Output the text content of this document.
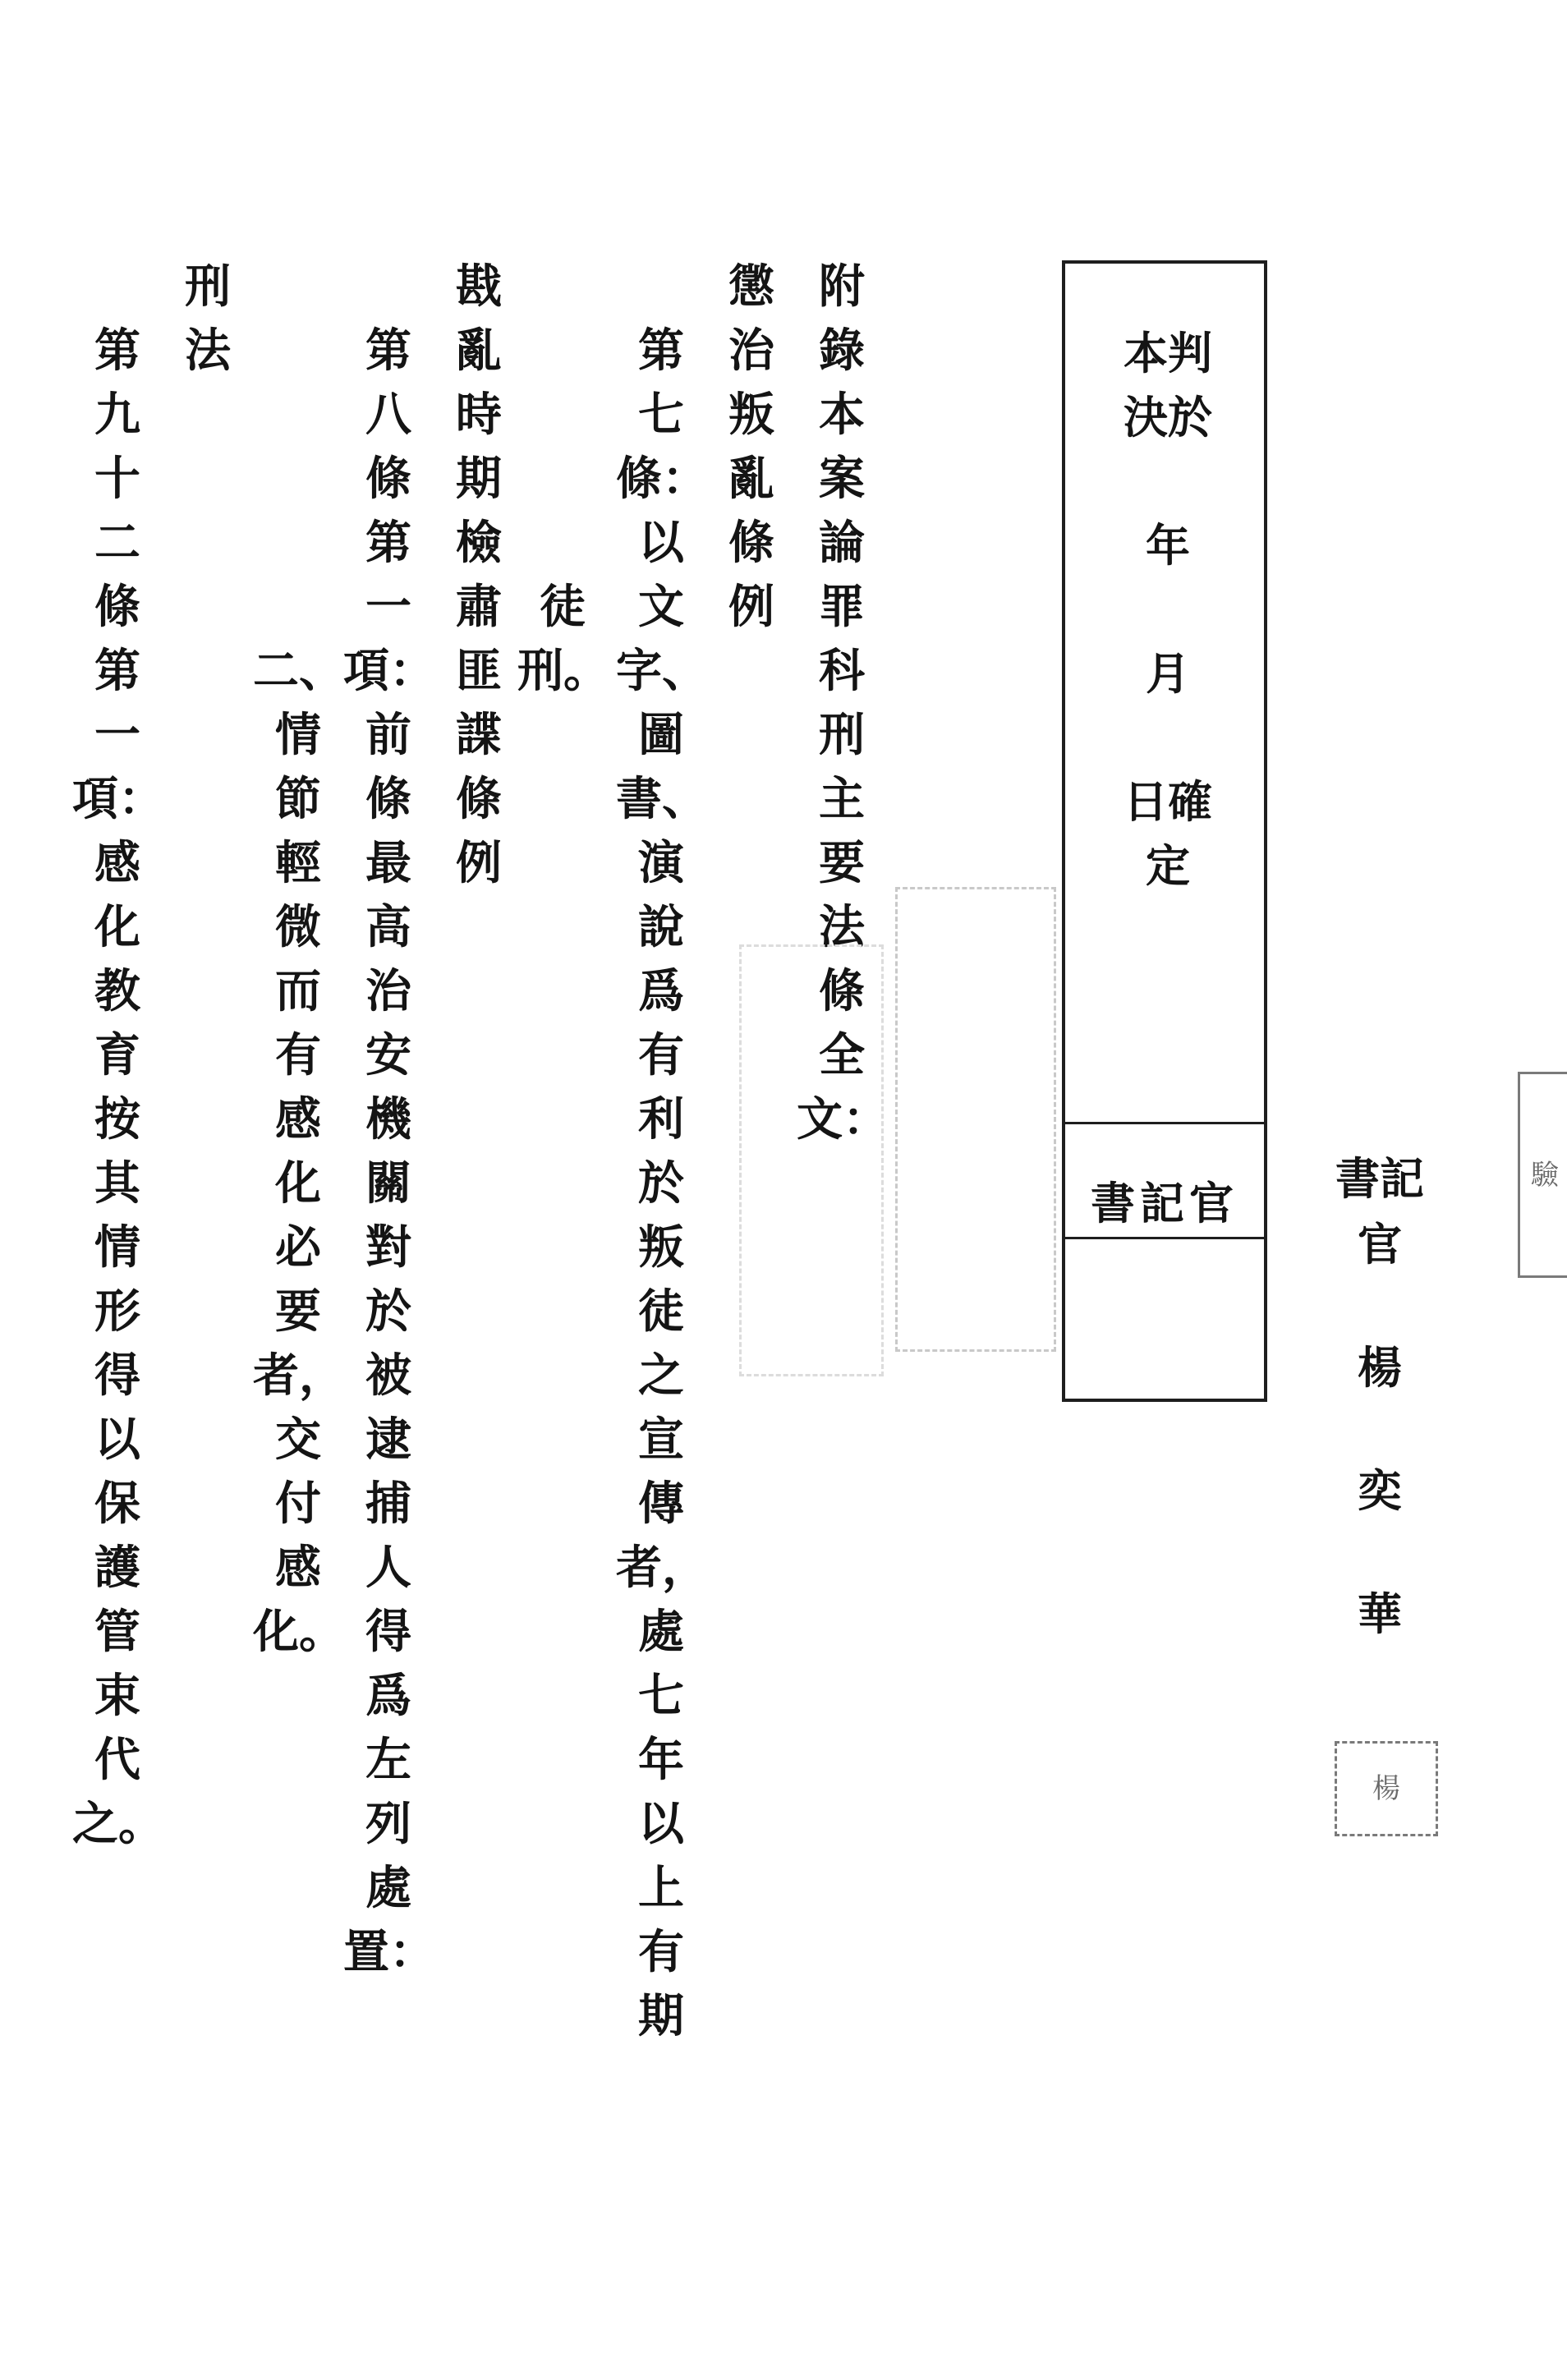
本判決於
年
月
日確定
書記官
附錄本案論罪科刑主要法條全文：
懲治叛亂條例
第七條：以文字、圖書、演說爲有利於叛徒之宣傳者，處七年以上有期
徒刑。
戡亂時期檢肅匪諜條例
第八條第一項：前條最高治安機關對於被逮捕人得爲左列處置：
二、情節輕微而有感化必要者，交付感化。
刑法
第九十二條第一項：感化教育按其情形得以保護管束代之。
書記官
楊
奕
華
驗
楊
